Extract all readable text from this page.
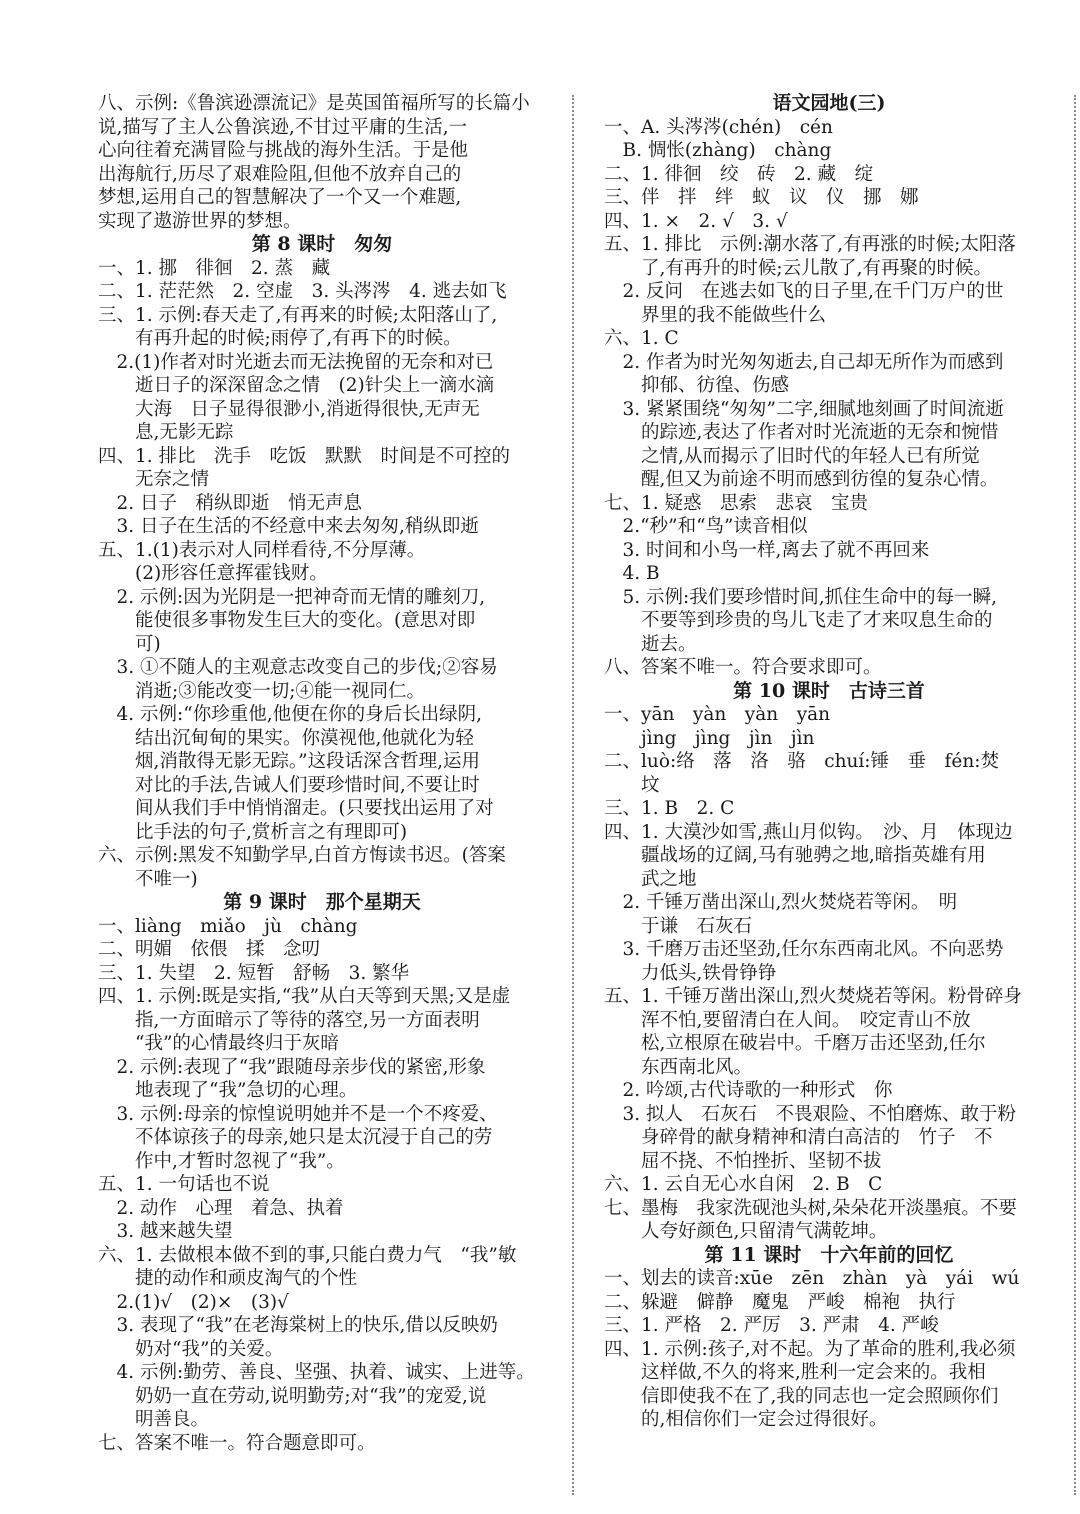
八、示例:《鲁滨逊漂流记》是英国笛福所写的长篇小
说,描写了主人公鲁滨逊,不甘过平庸的生活,一
心向往着充满冒险与挑战的海外生活。于是他
出海航行,历尽了艰难险阻,但他不放弃自己的
梦想,运用自己的智慧解决了一个又一个难题,
实现了遨游世界的梦想。
第 8 课时　匆匆
一、1. 挪　徘徊　2. 蒸　藏
二、1. 茫茫然　2. 空虚　3. 头涔涔　4. 逃去如飞
三、1. 示例:春天走了,有再来的时候;太阳落山了,
　　有再升起的时候;雨停了,有再下的时候。
　2.(1)作者对时光逝去而无法挽留的无奈和对已
　　逝日子的深深留念之情　(2)针尖上一滴水滴
　　大海　日子显得很渺小,消逝得很快,无声无
　　息,无影无踪
四、1. 排比　洗手　吃饭　默默　时间是不可控的
　　无奈之情
　2. 日子　稍纵即逝　悄无声息
　3. 日子在生活的不经意中来去匆匆,稍纵即逝
五、1.(1)表示对人同样看待,不分厚薄。
　　(2)形容任意挥霍钱财。
　2. 示例:因为光阴是一把神奇而无情的雕刻刀,
　　能使很多事物发生巨大的变化。(意思对即
　　可)
　3. ①不随人的主观意志改变自己的步伐;②容易
　　消逝;③能改变一切;④能一视同仁。
　4. 示例:“你珍重他,他便在你的身后长出绿阴,
　　结出沉甸甸的果实。你漠视他,他就化为轻
　　烟,消散得无影无踪。”这段话深含哲理,运用
　　对比的手法,告诫人们要珍惜时间,不要让时
　　间从我们手中悄悄溜走。(只要找出运用了对
　　比手法的句子,赏析言之有理即可)
六、示例:黑发不知勤学早,白首方悔读书迟。(答案
　　不唯一)
第 9 课时　那个星期天
一、liàng　miǎo　jù　chàng
二、明媚　依偎　揉　念叨
三、1. 失望　2. 短暂　舒畅　3. 繁华
四、1. 示例:既是实指,“我”从白天等到天黑;又是虚
　　指,一方面暗示了等待的落空,另一方面表明
　　“我”的心情最终归于灰暗
　2. 示例:表现了“我”跟随母亲步伐的紧密,形象
　　地表现了“我”急切的心理。
　3. 示例:母亲的惊惶说明她并不是一个不疼爱、
　　不体谅孩子的母亲,她只是太沉浸于自己的劳
　　作中,才暂时忽视了“我”。
五、1. 一句话也不说
　2. 动作　心理　着急、执着
　3. 越来越失望
六、1. 去做根本做不到的事,只能白费力气　“我”敏
　　捷的动作和顽皮淘气的个性
　2.(1)√　(2)×　(3)√
　3. 表现了“我”在老海棠树上的快乐,借以反映奶
　　奶对“我”的关爱。
　4. 示例:勤劳、善良、坚强、执着、诚实、上进等。
　　奶奶一直在劳动,说明勤劳;对“我”的宠爱,说
　　明善良。
七、答案不唯一。符合题意即可。
语文园地(三)
一、A. 头涔涔(chén)　cén
　B. 惆怅(zhàng)　chàng
二、1. 徘徊　绞　砖　2. 藏　绽
三、伴　拌　绊　蚁　议　仪　挪　娜
四、1. ×　2. √　3. √
五、1. 排比　示例:潮水落了,有再涨的时候;太阳落
　　了,有再升的时候;云儿散了,有再聚的时候。
　2. 反问　在逃去如飞的日子里,在千门万户的世
　　界里的我不能做些什么
六、1. C
　2. 作者为时光匆匆逝去,自己却无所作为而感到
　　抑郁、彷徨、伤感
　3. 紧紧围绕“匆匆”二字,细腻地刻画了时间流逝
　　的踪迹,表达了作者对时光流逝的无奈和惋惜
　　之情,从而揭示了旧时代的年轻人已有所觉
　　醒,但又为前途不明而感到彷徨的复杂心情。
七、1. 疑惑　思索　悲哀　宝贵
　2.“秒”和“鸟”读音相似
　3. 时间和小鸟一样,离去了就不再回来
　4. B
　5. 示例:我们要珍惜时间,抓住生命中的每一瞬,
　　不要等到珍贵的鸟儿飞走了才来叹息生命的
　　逝去。
八、答案不唯一。符合要求即可。
第 10 课时　古诗三首
一、yān　yàn　yàn　yān
　　jìng　jìng　jìn　jìn
二、luò:络　落　洛　骆　chuí:锤　垂　fén:焚
　　坟
三、1. B　2. C
四、1. 大漠沙如雪,燕山月似钩。　沙、月　体现边
　　疆战场的辽阔,马有驰骋之地,暗指英雄有用
　　武之地
　2. 千锤万凿出深山,烈火焚烧若等闲。　明
　　于谦　石灰石
　3. 千磨万击还坚劲,任尔东西南北风。不向恶势
　　力低头,铁骨铮铮
五、1. 千锤万凿出深山,烈火焚烧若等闲。粉骨碎身
　　浑不怕,要留清白在人间。　咬定青山不放
　　松,立根原在破岩中。千磨万击还坚劲,任尔
　　东西南北风。
　2. 吟颂,古代诗歌的一种形式　你
　3. 拟人　石灰石　不畏艰险、不怕磨炼、敢于粉
　　身碎骨的献身精神和清白高洁的　竹子　不
　　屈不挠、不怕挫折、坚韧不拔
六、1. 云自无心水自闲　2. B　C
七、墨梅　我家洗砚池头树,朵朵花开淡墨痕。不要
　　人夸好颜色,只留清气满乾坤。
第 11 课时　十六年前的回忆
一、划去的读音:xūe　zēn　zhàn　yà　yái　wú
二、躲避　僻静　魔鬼　严峻　棉袍　执行
三、1. 严格　2. 严厉　3. 严肃　4. 严峻
四、1. 示例:孩子,对不起。为了革命的胜利,我必须
　　这样做,不久的将来,胜利一定会来的。我相
　　信即使我不在了,我的同志也一定会照顾你们
　　的,相信你们一定会过得很好。
